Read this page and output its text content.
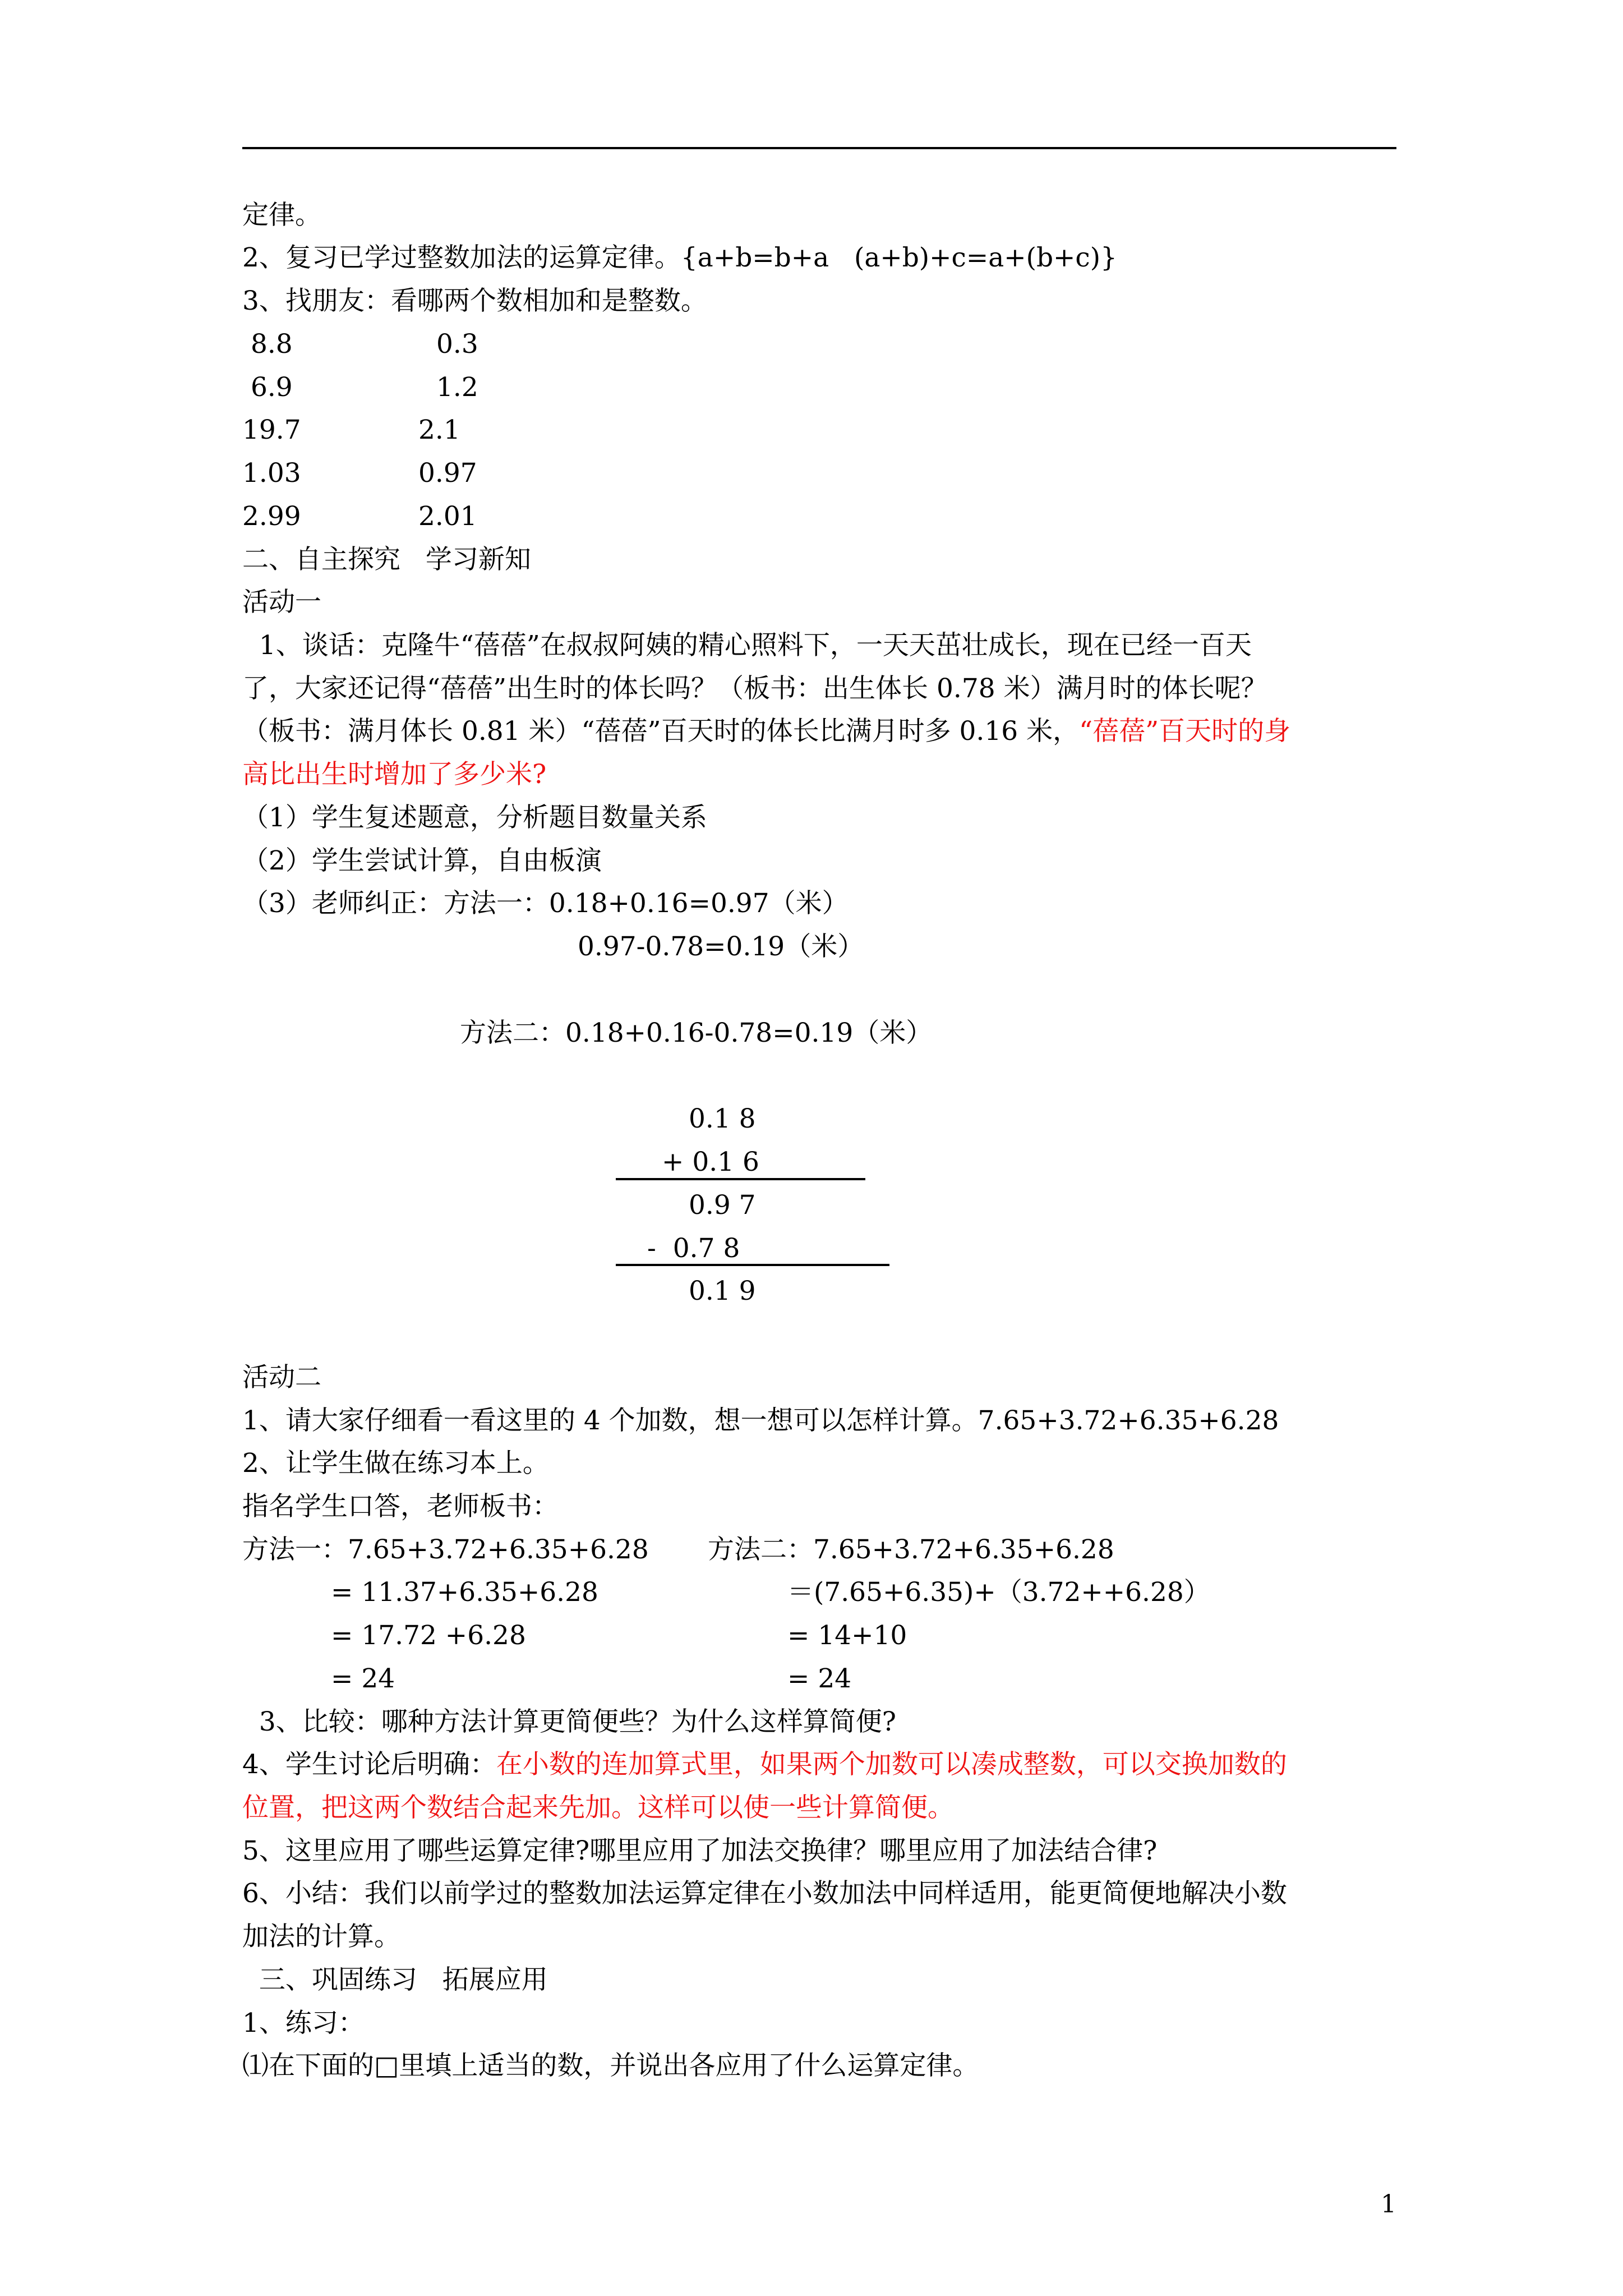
定律。
2、复习已学过整数加法的运算定律。{a+b=b+a   (a+b)+c=a+(b+c)}
3、找朋友：看哪两个数相加和是整数。
8.8	0.3
6.9	1.2
19.7	2.1
1.03	0.97
2.99	2.01
二、自主探究   学习新知
活动一
1、谈话：克隆牛“蓓蓓”在叔叔阿姨的精心照料下，一天天茁壮成长，现在已经一百天
了，大家还记得“蓓蓓”出生时的体长吗？（板书：出生体长 0.78 米）满月时的体长呢？
（板书：满月体长 0.81 米）“蓓蓓”百天时的体长比满月时多 0.16 米，“蓓蓓”百天时的身
高比出生时增加了多少米?
（1）学生复述题意，分析题目数量关系
（2）学生尝试计算，自由板演
（3）老师纠正：方法一：0.18+0.16=0.97（米）
0.97-0.78=0.19（米）
方法二：0.18+0.16-0.78=0.19（米）
0.1 8
+ 0.1 6
0.9 7
-  0.7 8
0.1 9
活动二
1、请大家仔细看一看这里的 4 个加数，想一想可以怎样计算。7.65+3.72+6.35+6.28
2、让学生做在练习本上。
指名学生口答，老师板书：
方法一：7.65+3.72+6.35+6.28
= 11.37+6.35+6.28
= 17.72 +6.28
= 24
方法二：7.65+3.72+6.35+6.28
＝(7.65+6.35)+（3.72++6.28）
= 14+10
= 24
3、比较：哪种方法计算更简便些？为什么这样算简便?
4、学生讨论后明确：在小数的连加算式里，如果两个加数可以凑成整数，可以交换加数的
位置，把这两个数结合起来先加。这样可以使一些计算简便。
5、这里应用了哪些运算定律?哪里应用了加法交换律？哪里应用了加法结合律?
6、小结：我们以前学过的整数加法运算定律在小数加法中同样适用，能更简便地解决小数
加法的计算。
三、巩固练习   拓展应用
1、练习：
⑴在下面的□里填上适当的数，并说出各应用了什么运算定律。
1
